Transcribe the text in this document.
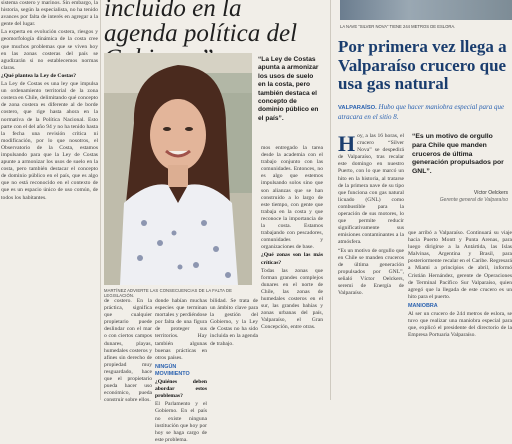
sistema costero y marinos. Sin embargo, la historia, según la especialista, no ha tenido avances por falta de interés en agregar a la gente del lugar.

La experta en evolución costera, riesgos y geomorfología dinámica de la costa cree que muchos problemas que se viven hoy en las zonas costeras del país se agudizarán si no establecemos normas claras.

¿Qué plantea la Ley de Costas?

La Ley de Costas es una ley que impulsa un ordenamiento territorial de la zona costera en Chile, delimitando qué concepto de zona costera es diferente al de borde costero, que rige hasta ahora en la normativa de la Política Nacional. Esto parte con el del año 94 y no ha tenido hasta la fecha una revisión crítica ni modificación, por lo que nosotros, el Observatorio de la Costa, estamos impulsando para que la Ley de Costas apunte a armonizar los usos de suelo en la costa, pero también destacar el concepto de dominio público en el país, que es algo que no está reconocido en el contexto de que es un espacio único de uso común, de todos los habitantes.

incluido en la agenda política del
MARTÍNEZ ADVIERTE LAS CONSECUENCIAS DE LA FALTA DE LEGISLACIÓN.
“La Ley de Costas apunta a armonizar los usos de suelo en la costa, pero también destaca el concepto de dominio público en el país”.

de costero. En la práctica, significa que cualquier propietario puede deslindar con el mar o con ciertos campos dunares, playas, humedales costeros y afines sin derecho de propiedad muy resguardado, hace que el propietario pueda hacer uso económico, pueda construir sobre ellos.

donde habían muchas especies que terminan mortales y perdiéndose por falta de una figura de proteger sus territorios. Hay también algunas buenas prácticas en otros países.

NINGÚN MOVIMIENTO

¿Quiénes deben abordar estos problemas?

El Parlamento y el Gobierno. En el país no existe ninguna institución que hoy por hoy se haga cargo de este problema.

bilidad. Se trata de un ámbito clave para la gestión del Gobierno, y la Ley de Costas no ha sido incluida en la agenda de trabajo.

mos entregado la tarea desde la academia con el trabajo conjunto con las comunidades. Entonces, no es algo que estemos impulsando solos sino que son alianzas que se han construido a lo largo de este tiempo, con gente que trabaja en la costa y que reconoce la importancia de la costa. Estamos trabajando con pescadores, comunidades y organizaciones de base.

¿Qué zonas son las más críticas?

Todas las zonas que forman grandes complejos dunares en el norte de Chile, las zonas de humedales costeros en el sur, las grandes bahías y zonas urbanas del país, Valparaíso, el Gran Concepción, entre otras.

LA NAVE “SILVER NOVA” TIENE 244 METROS DE ESLORA.
Por primera vez llega a Valparaíso crucero que usa gas natural
VALPARAÍSO. Hubo que hacer maniobra especial para que atracara en el sitio 8.
H oy, a las 16 horas, el crucero “Silver Nova” se despedirá de Valparaíso, tras recalar este domingo en nuestro Puerto, con lo que marcó un hito en la historia, al tratarse de la primera nave de su tipo que funciona con gas natural licuado (GNL) como combustible para la operación de sus motores, lo que permite reducir significativamente sus emisiones contaminantes a la atmósfera.

“Es un motivo de orgullo que en Chile se manden cruceros de última generación propulsados por GNL”, señaló Víctor Oelckers, seremi de Energía de Valparaíso.

“Es un motivo de orgullo para Chile que manden cruceros de última generación propulsados por GNL”.
Víctor Oelckers
Gerente general de Valparaíso

que arribó a Valparaíso. Continuará su viaje hacia Puerto Montt y Punta Arenas, para luego dirigirse a la Antártida, las Islas Malvinas, Argentina y Brasil, para posteriormente recalar en el Caribe. Regresará a Miami a principios de abril, informó Cristián Hernández, gerente de Operaciones de Terminal Pacífico Sur Valparaíso, quien agregó que la llegada de este crucero es un hito para el puerto.

MANIOBRA

Al ser un crucero de 244 metros de eslora, se tuvo que realizar una maniobra especial para que, explicó el presidente del directorio de la Empresa Portuaria Valparaíso.
